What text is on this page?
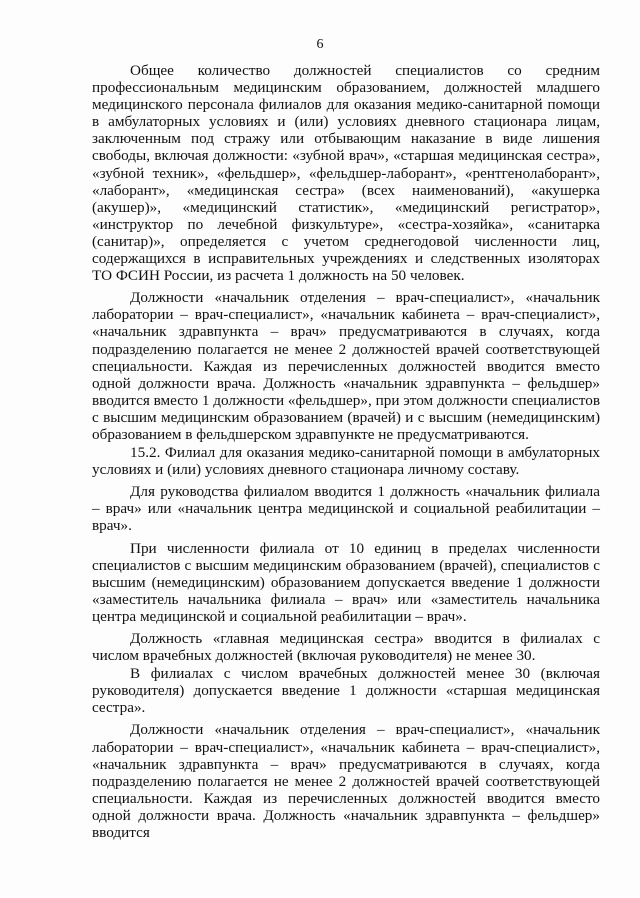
6

Общее количество должностей специалистов со средним профессиональным медицинским образованием, должностей младшего медицинского персонала филиалов для оказания медико-санитарной помощи в амбулаторных условиях и (или) условиях дневного стационара лицам, заключенным под стражу или отбывающим наказание в виде лишения свободы, включая должности: «зубной врач», «старшая медицинская сестра», «зубной техник», «фельдшер», «фельдшер-лаборант», «рентгенолаборант», «лаборант», «медицинская сестра» (всех наименований), «акушерка (акушер)», «медицинский статистик», «медицинский регистратор», «инструктор по лечебной физкультуре», «сестра-хозяйка», «санитарка (санитар)», определяется с учетом среднегодовой численности лиц, содержащихся в исправительных учреждениях и следственных изоляторах ТО ФСИН России, из расчета 1 должность на 50 человек.

Должности «начальник отделения – врач-специалист», «начальник лаборатории – врач-специалист», «начальник кабинета – врач-специалист», «начальник здравпункта – врач» предусматриваются в случаях, когда подразделению полагается не менее 2 должностей врачей соответствующей специальности. Каждая из перечисленных должностей вводится вместо одной должности врача. Должность «начальник здравпункта – фельдшер» вводится вместо 1 должности «фельдшер», при этом должности специалистов с высшим медицинским образованием (врачей) и с высшим (немедицинским) образованием в фельдшерском здравпункте не предусматриваются.

15.2. Филиал для оказания медико-санитарной помощи в амбулаторных условиях и (или) условиях дневного стационара личному составу.

Для руководства филиалом вводится 1 должность «начальник филиала – врач» или «начальник центра медицинской и социальной реабилитации – врач».

При численности филиала от 10 единиц в пределах численности специалистов с высшим медицинским образованием (врачей), специалистов с высшим (немедицинским) образованием допускается введение 1 должности «заместитель начальника филиала – врач» или «заместитель начальника центра медицинской и социальной реабилитации – врач».

Должность «главная медицинская сестра» вводится в филиалах с числом врачебных должностей (включая руководителя) не менее 30.

В филиалах с числом врачебных должностей менее 30 (включая руководителя) допускается введение 1 должности «старшая медицинская сестра».

Должности «начальник отделения – врач-специалист», «начальник лаборатории – врач-специалист», «начальник кабинета – врач-специалист», «начальник здравпункта – врач» предусматриваются в случаях, когда подразделению полагается не менее 2 должностей врачей соответствующей специальности. Каждая из перечисленных должностей вводится вместо одной должности врача. Должность «начальник здравпункта – фельдшер» вводится
